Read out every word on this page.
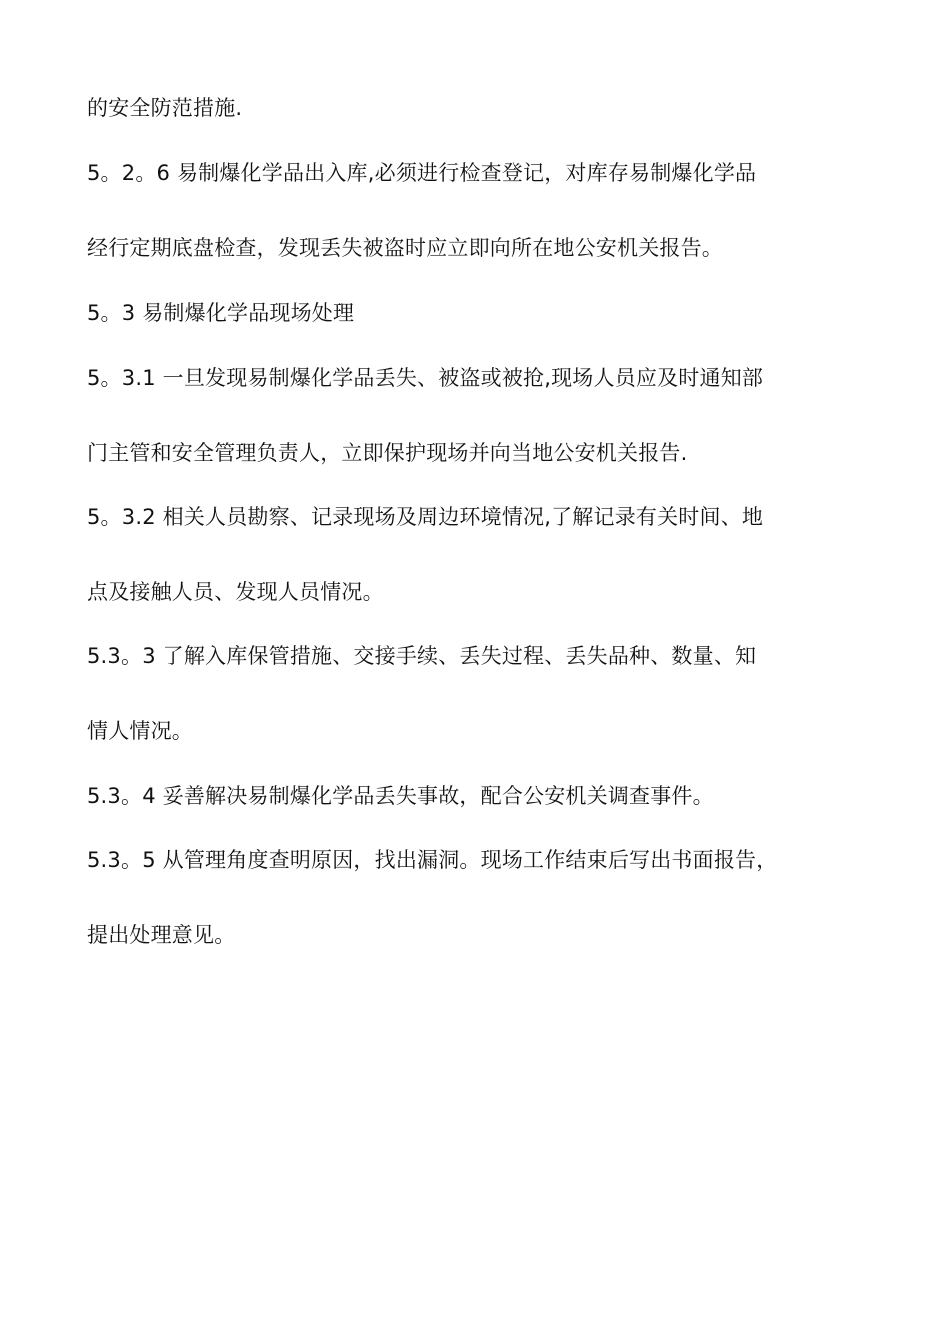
的安全防范措施.
5。2。6 易制爆化学品出入库,必须进行检查登记，对库存易制爆化学品
经行定期底盘检查，发现丢失被盗时应立即向所在地公安机关报告。
5。3 易制爆化学品现场处理
5。3.1 一旦发现易制爆化学品丢失、被盗或被抢,现场人员应及时通知部
门主管和安全管理负责人，立即保护现场并向当地公安机关报告.
5。3.2 相关人员勘察、记录现场及周边环境情况,了解记录有关时间、地
点及接触人员、发现人员情况。
5.3。3 了解入库保管措施、交接手续、丢失过程、丢失品种、数量、知
情人情况。
5.3。4 妥善解决易制爆化学品丢失事故，配合公安机关调查事件。
5.3。5 从管理角度查明原因，找出漏洞。现场工作结束后写出书面报告，
提出处理意见。
